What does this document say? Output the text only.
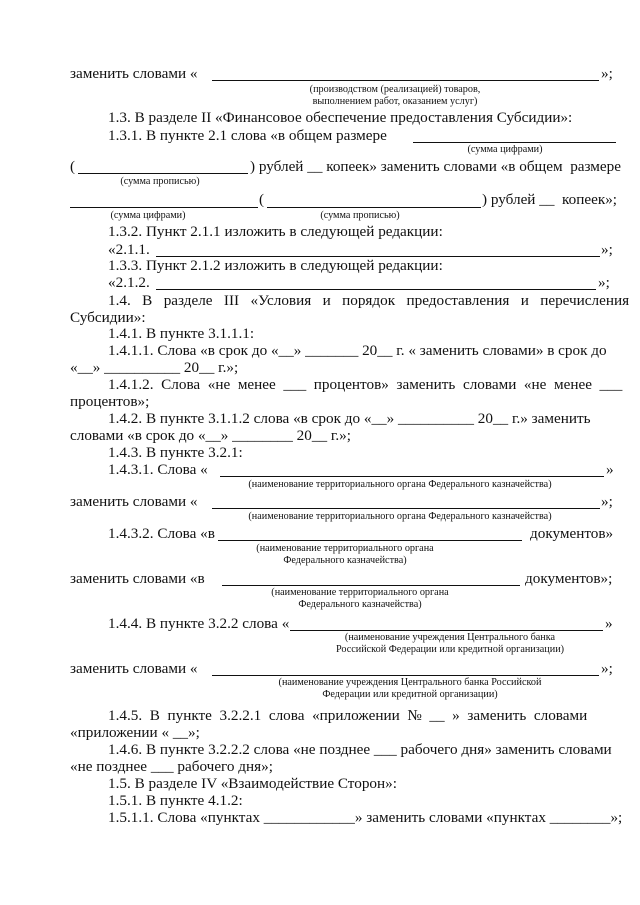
заменить словами «	»;
(производством (реализацией) товаров,
выполнением работ, оказанием услуг)
1.3. В разделе II «Финансовое обеспечение предоставления Субсидии»:
1.3.1. В пункте 2.1 слова «в общем размере
(сумма цифрами)
(	) рублей __ копеек» заменить словами «в общем  размере
(сумма прописью)
(	) рублей __  копеек»;
(сумма цифрами)	(сумма прописью)
1.3.2. Пункт 2.1.1 изложить в следующей редакции:
«2.1.1.	»;
1.3.3. Пункт 2.1.2 изложить в следующей редакции:
«2.1.2.	»;
1.4.   В   разделе   III   «Условия   и   порядок   предоставления   и   перечисления
Субсидии»:
1.4.1. В пункте 3.1.1.1:
1.4.1.1. Слова «в срок до «__» _______ 20__ г. « заменить словами» в срок до
«__» __________ 20__ г.»;
1.4.1.2.  Слова  «не  менее  ___  процентов»  заменить  словами  «не  менее  ___
процентов»;
1.4.2. В пункте 3.1.1.2 слова «в срок до «__» __________ 20__ г.» заменить
словами «в срок до «__» ________ 20__ г.»;
1.4.3. В пункте 3.2.1:
1.4.3.1. Слова «	»
(наименование территориального органа Федерального казначейства)
заменить словами «	»;
(наименование территориального органа Федерального казначейства)
1.4.3.2. Слова «в	документов»
(наименование территориального органа
Федерального казначейства)
заменить словами «в	документов»;
(наименование территориального органа
Федерального казначейства)
1.4.4. В пункте 3.2.2 слова «	»
(наименование учреждения Центрального банка
Российской Федерации или кредитной организации)
заменить словами «	»;
(наименование учреждения Центрального банка Российской
Федерации или кредитной организации)
1.4.5.  В  пункте  3.2.2.1  слова  «приложении  №  __  »  заменить  словами
«приложении « __»;
1.4.6. В пункте 3.2.2.2 слова «не позднее ___ рабочего дня» заменить словами
«не позднее ___ рабочего дня»;
1.5. В разделе IV «Взаимодействие Сторон»:
1.5.1. В пункте 4.1.2:
1.5.1.1. Слова «пунктах ____________» заменить словами «пунктах ________»;
